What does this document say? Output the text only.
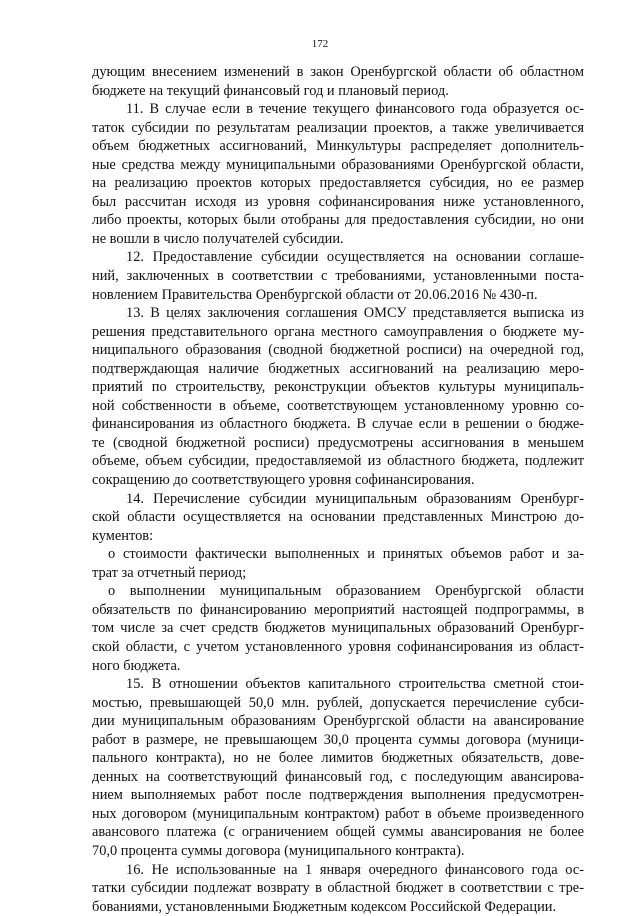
172
дующим внесением изменений в закон Оренбургской области об областном
бюджете на текущий финансовый год и плановый период.
11. В случае если в течение текущего финансового года образуется ос-
таток субсидии по результатам реализации проектов, а также увеличивается
объем бюджетных ассигнований, Минкультуры распределяет дополнитель-
ные средства между муниципальными образованиями Оренбургской области,
на реализацию проектов которых предоставляется субсидия, но ее размер
был рассчитан исходя из уровня софинансирования ниже установленного,
либо проекты, которых были отобраны для предоставления субсидии, но они
не вошли в число получателей субсидии.
12. Предоставление субсидии осуществляется на основании соглаше-
ний, заключенных в соответствии с требованиями, установленными поста-
новлением Правительства Оренбургской области от 20.06.2016 № 430-п.
13. В целях заключения соглашения ОМСУ представляется выписка из
решения представительного органа местного самоуправления о бюджете му-
ниципального образования (сводной бюджетной росписи) на очередной год,
подтверждающая наличие бюджетных ассигнований на реализацию меро-
приятий по строительству, реконструкции объектов культуры муниципаль-
ной собственности в объеме, соответствующем установленному уровню со-
финансирования из областного бюджета. В случае если в решении о бюдже-
те (сводной бюджетной росписи) предусмотрены ассигнования в меньшем
объеме, объем субсидии, предоставляемой из областного бюджета, подлежит
сокращению до соответствующего уровня софинансирования.
14. Перечисление субсидии муниципальным образованиям Оренбург-
ской области осуществляется на основании представленных Минстрою до-
кументов:
о стоимости фактически выполненных и принятых объемов работ и за-
трат за отчетный период;
о выполнении муниципальным образованием Оренбургской области
обязательств по финансированию мероприятий настоящей подпрограммы, в
том числе за счет средств бюджетов муниципальных образований Оренбург-
ской области, с учетом установленного уровня софинансирования из област-
ного бюджета.
15. В отношении объектов капитального строительства сметной стои-
мостью, превышающей 50,0 млн. рублей, допускается перечисление субси-
дии муниципальным образованиям Оренбургской области на авансирование
работ в размере, не превышающем 30,0 процента суммы договора (муници-
пального контракта), но не более лимитов бюджетных обязательств, дове-
денных на соответствующий финансовый год, с последующим авансирова-
нием выполняемых работ после подтверждения выполнения предусмотрен-
ных договором (муниципальным контрактом) работ в объеме произведенного
авансового платежа (с ограничением общей суммы авансирования не более
70,0 процента суммы договора (муниципального контракта).
16. Не использованные на 1 января очередного финансового года ос-
татки субсидии подлежат возврату в областной бюджет в соответствии с тре-
бованиями, установленными Бюджетным кодексом Российской Федерации.
